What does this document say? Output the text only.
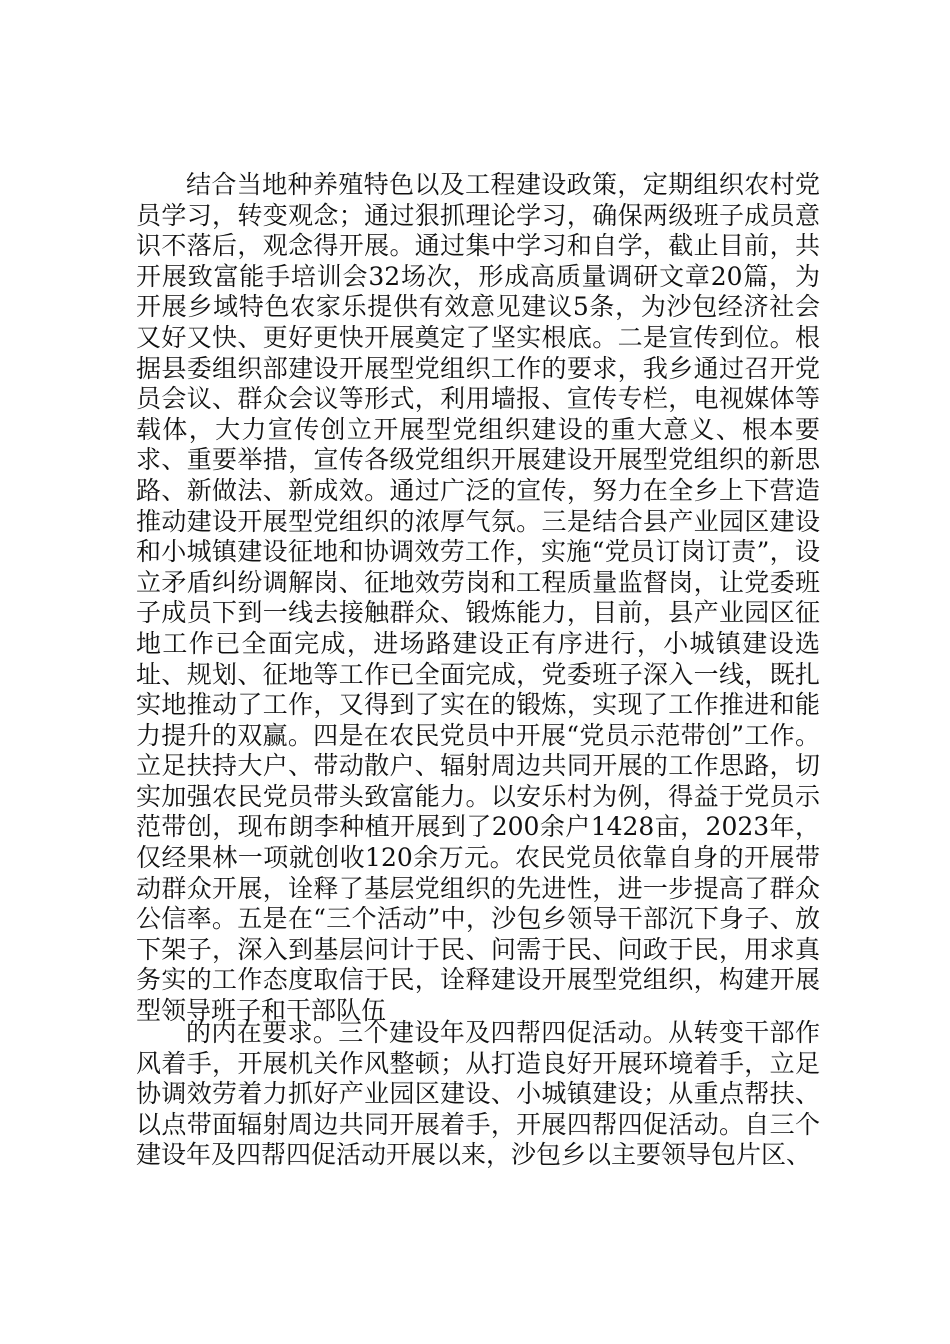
结合当地种养殖特色以及工程建设政策，定期组织农村党员学习，转变观念；通过狠抓理论学习，确保两级班子成员意识不落后，观念得开展。通过集中学习和自学，截止目前，共开展致富能手培训会32场次，形成高质量调研文章20篇，为开展乡域特色农家乐提供有效意见建议5条，为沙包经济社会又好又快、更好更快开展奠定了坚实根底。二是宣传到位。根据县委组织部建设开展型党组织工作的要求，我乡通过召开党员会议、群众会议等形式，利用墙报、宣传专栏，电视媒体等载体，大力宣传创立开展型党组织建设的重大意义、根本要求、重要举措，宣传各级党组织开展建设开展型党组织的新思路、新做法、新成效。通过广泛的宣传，努力在全乡上下营造推动建设开展型党组织的浓厚气氛。三是结合县产业园区建设和小城镇建设征地和协调效劳工作，实施“党员订岗订责”，设立矛盾纠纷调解岗、征地效劳岗和工程质量监督岗，让党委班子成员下到一线去接触群众、锻炼能力，目前，县产业园区征地工作已全面完成，进场路建设正有序进行，小城镇建设选址、规划、征地等工作已全面完成，党委班子深入一线，既扎实地推动了工作，又得到了实在的锻炼，实现了工作推进和能力提升的双赢。四是在农民党员中开展“党员示范带创”工作。立足扶持大户、带动散户、辐射周边共同开展的工作思路，切实加强农民党员带头致富能力。以安乐村为例，得益于党员示范带创，现布朗李种植开展到了200余户1428亩，2023年，仅经果林一项就创收120余万元。农民党员依靠自身的开展带动群众开展，诠释了基层党组织的先进性，进一步提高了群众公信率。五是在“三个活动”中，沙包乡领导干部沉下身子、放下架子，深入到基层问计于民、问需于民、问政于民，用求真务实的工作态度取信于民，诠释建设开展型党组织，构建开展型领导班子和干部队伍

的内在要求。三个建设年及四帮四促活动。从转变干部作风着手，开展机关作风整顿；从打造良好开展环境着手，立足协调效劳着力抓好产业园区建设、小城镇建设；从重点帮扶、以点带面辐射周边共同开展着手，开展四帮四促活动。自三个建设年及四帮四促活动开展以来，沙包乡以主要领导包片区、
